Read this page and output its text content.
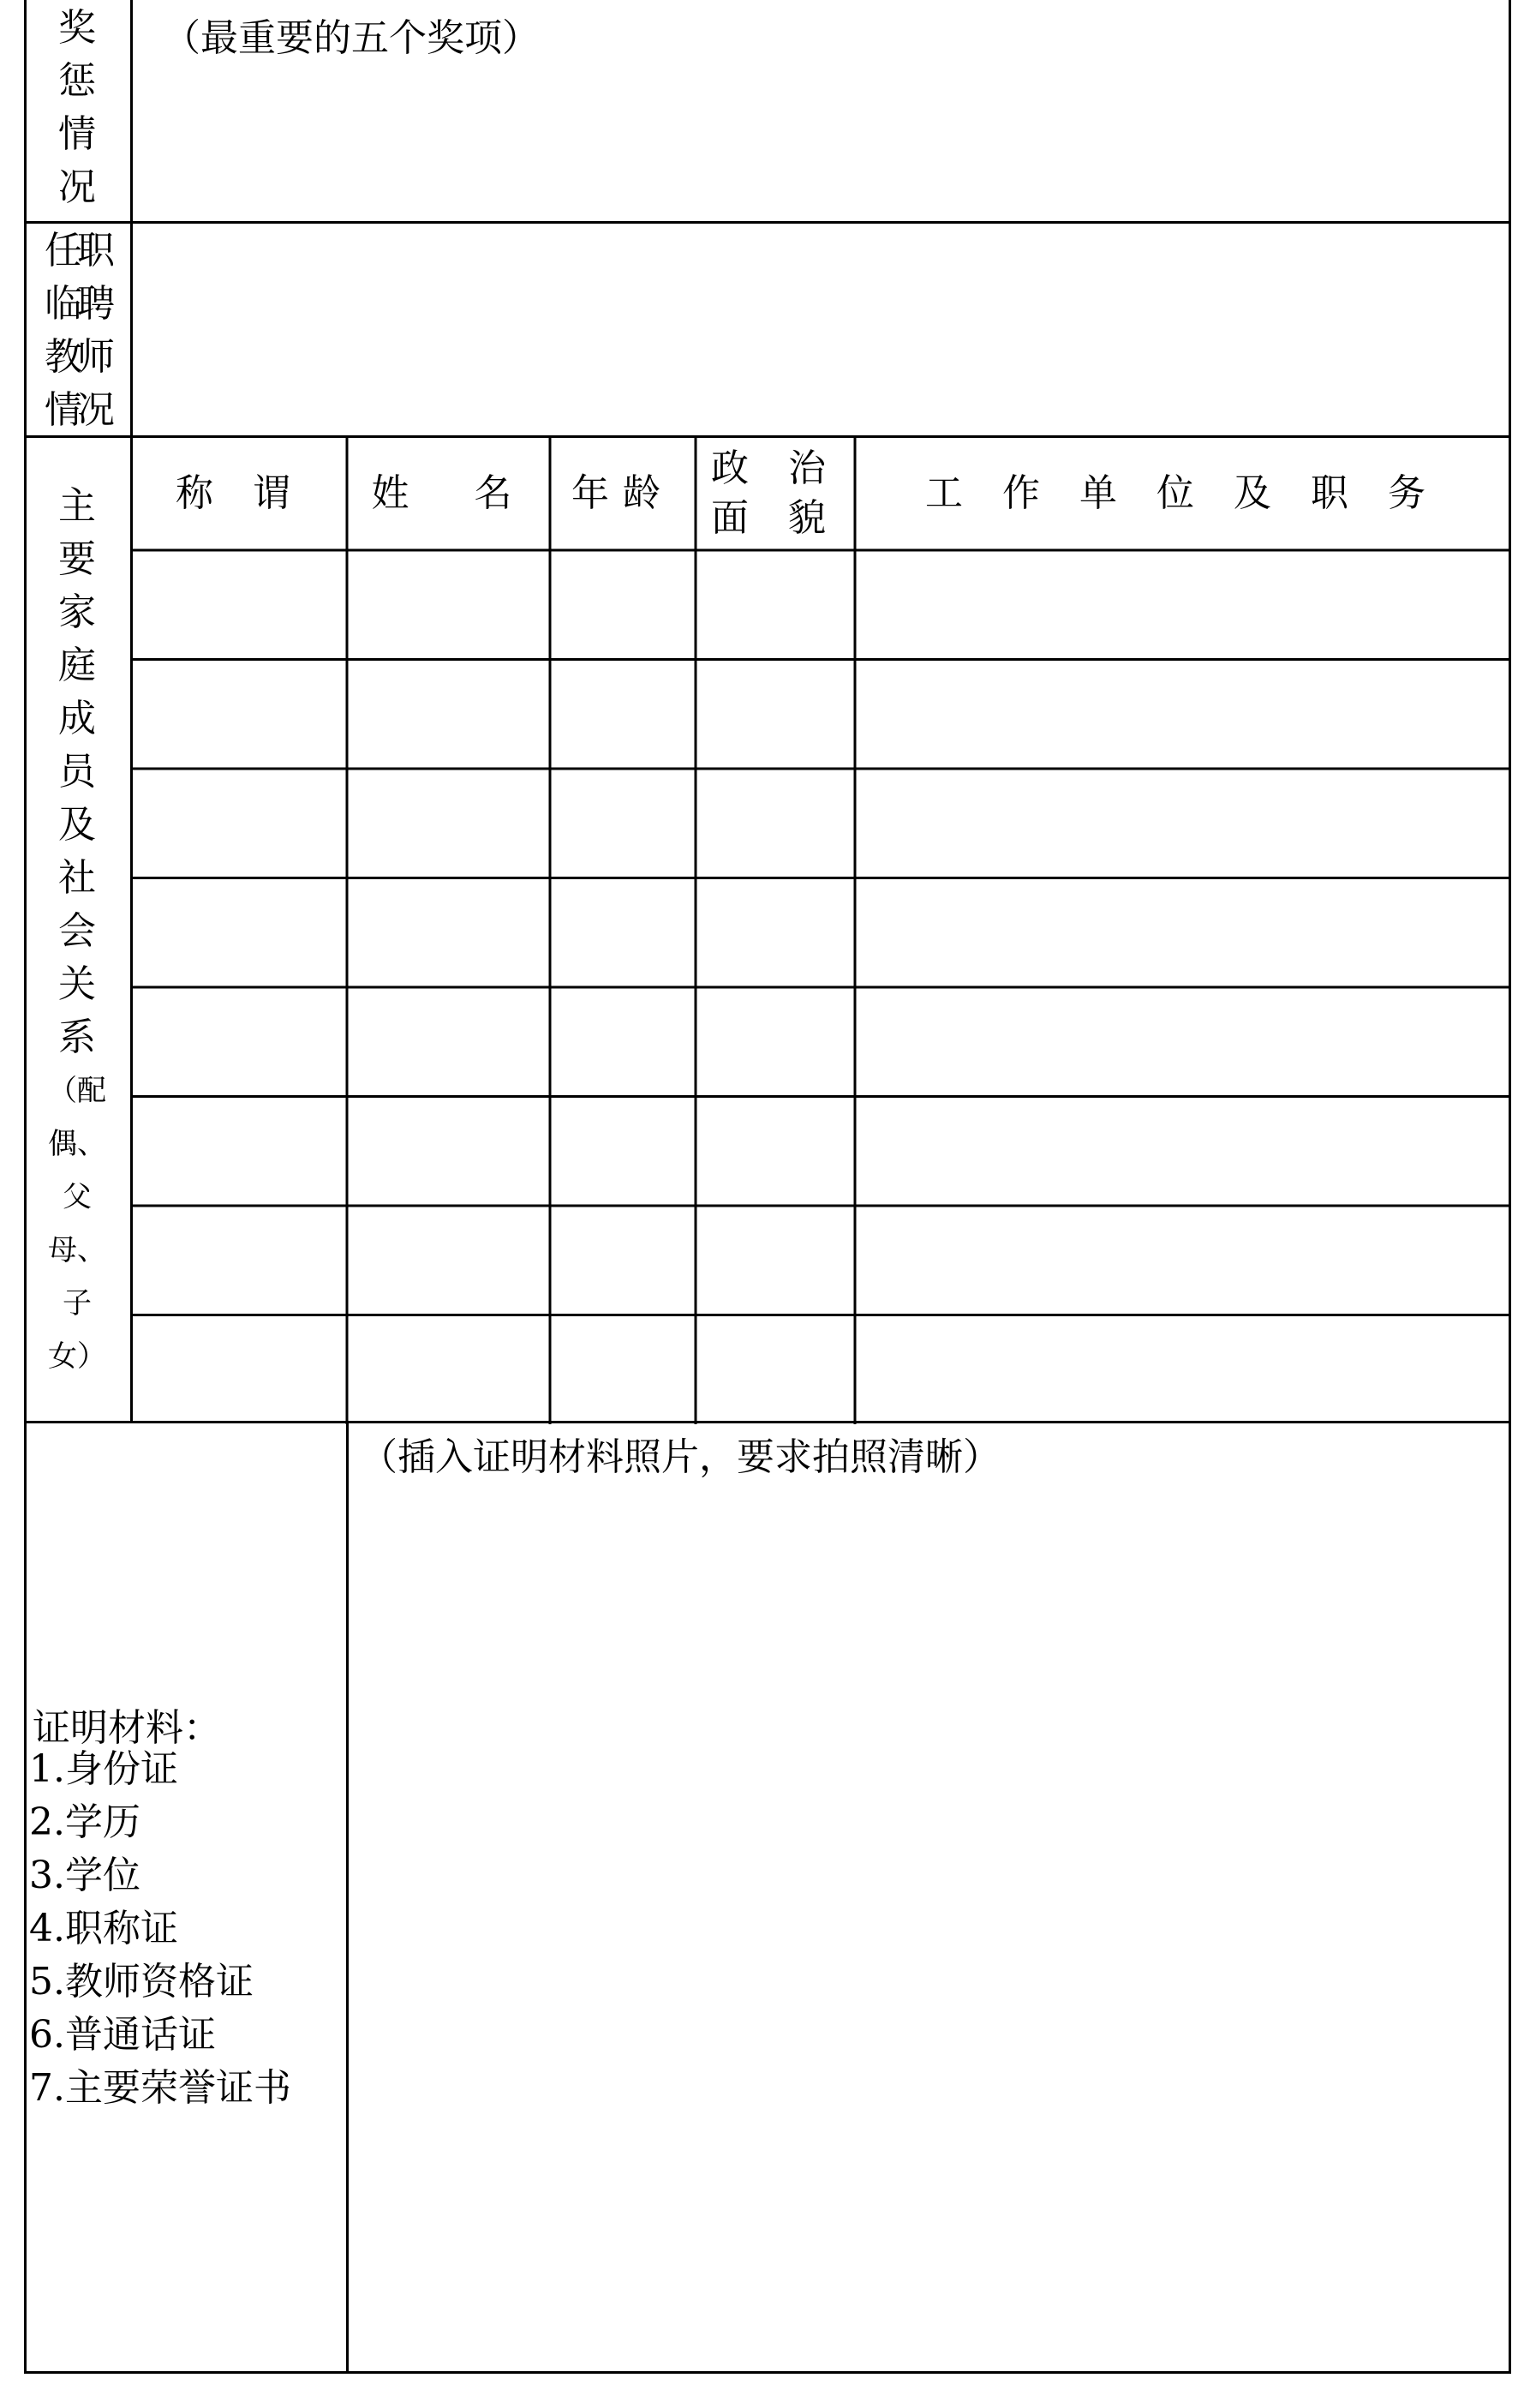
奖
惩
情
况
（最重要的五个奖项）
任职
临聘
教师
情况
主
要
家
庭
成
员
及
社
会
关
系
（配
偶、
父
母、
子
女）
称 谓	姓　名	年龄
政 治
面 貌
工 作 单 位 及 职 务
证明材料：
1.身份证
2.学历
3.学位
4.职称证
5.教师资格证
6.普通话证
7.主要荣誉证书
（插入证明材料照片，要求拍照清晰）
